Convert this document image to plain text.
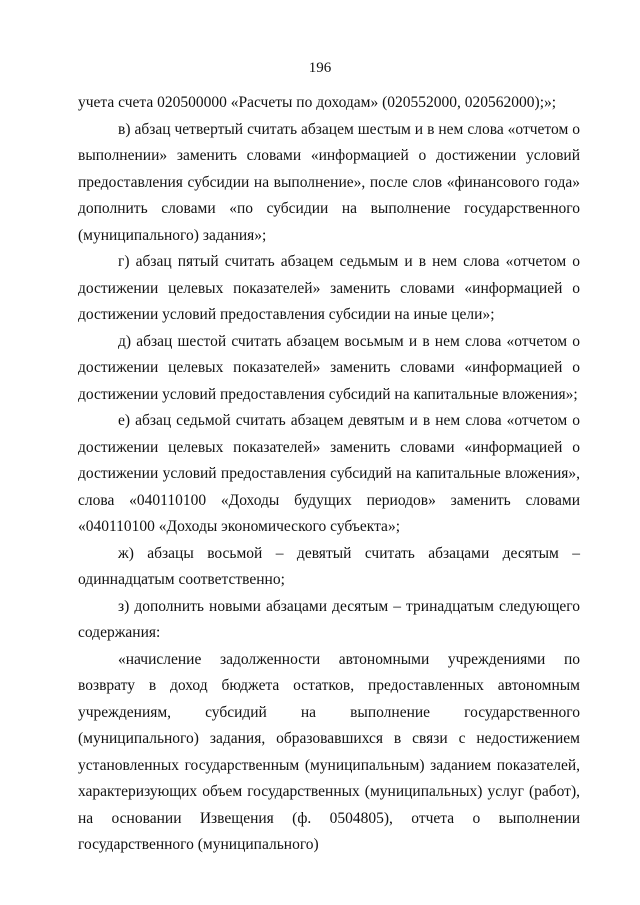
196

учета счета 020500000 «Расчеты по доходам» (020552000, 020562000);»;

в) абзац четвертый считать абзацем шестым и в нем слова «отчетом о выполнении» заменить словами «информацией о достижении условий предоставления субсидии на выполнение», после слов «финансового года» дополнить словами «по субсидии на выполнение государственного (муниципального) задания»;

г) абзац пятый считать абзацем седьмым и в нем слова «отчетом о достижении целевых показателей» заменить словами «информацией о достижении условий предоставления субсидии на иные цели»;

д) абзац шестой считать абзацем восьмым и в нем слова «отчетом о достижении целевых показателей» заменить словами «информацией о достижении условий предоставления субсидий на капитальные вложения»;

е) абзац седьмой считать абзацем девятым и в нем слова «отчетом о достижении целевых показателей» заменить словами «информацией о достижении условий предоставления субсидий на капитальные вложения», слова «040110100 «Доходы будущих периодов» заменить словами «040110100 «Доходы экономического субъекта»;

ж) абзацы восьмой – девятый считать абзацами десятым – одиннадцатым соответственно;

з) дополнить новыми абзацами десятым – тринадцатым следующего содержания:

«начисление задолженности автономными учреждениями по возврату в доход бюджета остатков, предоставленных автономным учреждениям, субсидий на выполнение государственного (муниципального) задания, образовавшихся в связи с недостижением установленных государственным (муниципальным) заданием показателей, характеризующих объем государственных (муниципальных) услуг (работ), на основании Извещения (ф. 0504805), отчета о выполнении государственного (муниципального)
